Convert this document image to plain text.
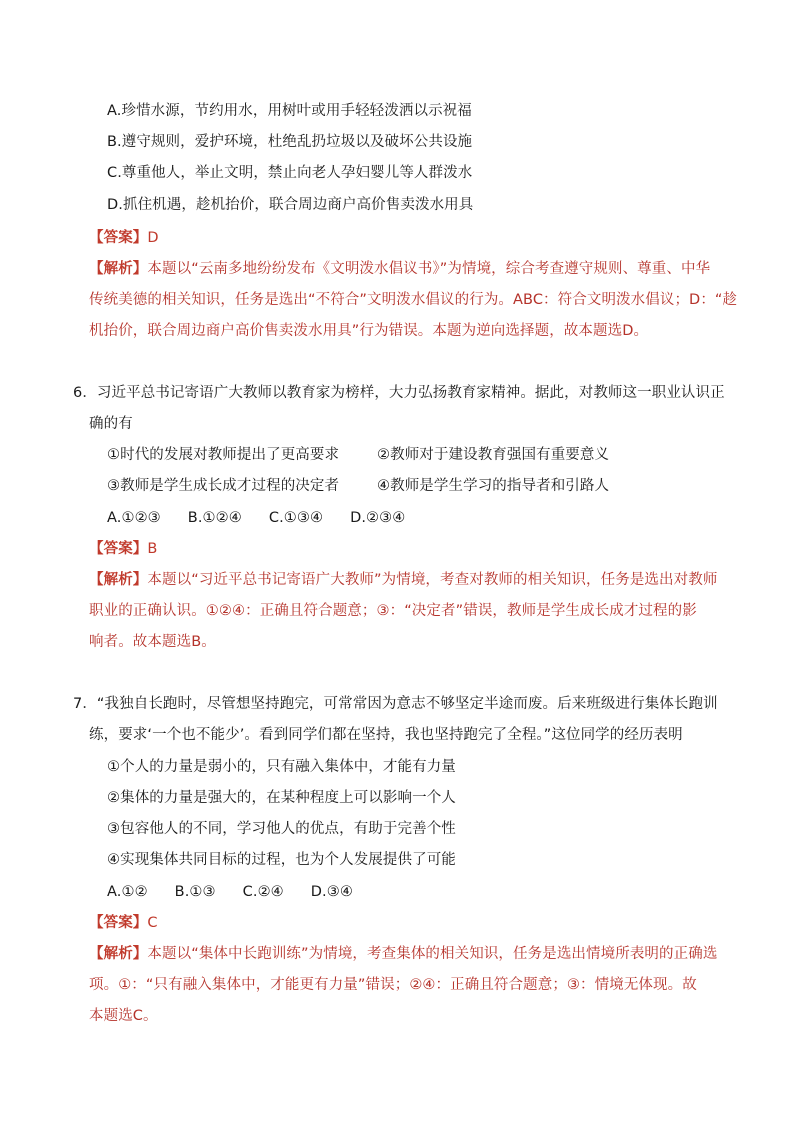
A.珍惜水源，节约用水，用树叶或用手轻轻泼洒以示祝福
B.遵守规则，爱护环境，杜绝乱扔垃圾以及破坏公共设施
C.尊重他人，举止文明，禁止向老人孕妇婴儿等人群泼水
D.抓住机遇，趁机抬价，联合周边商户高价售卖泼水用具
【答案】D
【解析】本题以“云南多地纷纷发布《文明泼水倡议书》”为情境，综合考查遵守规则、尊重、中华
传统美德的相关知识，任务是选出“不符合”文明泼水倡议的行为。ABC：符合文明泼水倡议；D：“趁
机抬价，联合周边商户高价售卖泼水用具”行为错误。本题为逆向选择题，故本题选D。
6．习近平总书记寄语广大教师以教育家为榜样，大力弘扬教育家精神。据此，对教师这一职业认识正
确的有
①时代的发展对教师提出了更高要求	②教师对于建设教育强国有重要意义
③教师是学生成长成才过程的决定者	④教师是学生学习的指导者和引路人
A.①②③ B.①②④ C.①③④ D.②③④
【答案】B
【解析】本题以“习近平总书记寄语广大教师”为情境，考查对教师的相关知识，任务是选出对教师
职业的正确认识。①②④：正确且符合题意；③：“决定者”错误，教师是学生成长成才过程的影
响者。故本题选B。
7．“我独自长跑时，尽管想坚持跑完，可常常因为意志不够坚定半途而废。后来班级进行集体长跑训
练，要求‘一个也不能少’。看到同学们都在坚持，我也坚持跑完了全程。”这位同学的经历表明
①个人的力量是弱小的，只有融入集体中，才能有力量
②集体的力量是强大的，在某种程度上可以影响一个人
③包容他人的不同，学习他人的优点，有助于完善个性
④实现集体共同目标的过程，也为个人发展提供了可能
A.①② B.①③ C.②④ D.③④
【答案】C
【解析】本题以“集体中长跑训练”为情境，考查集体的相关知识，任务是选出情境所表明的正确选
项。①：“只有融入集体中，才能更有力量”错误；②④：正确且符合题意；③：情境无体现。故
本题选C。
